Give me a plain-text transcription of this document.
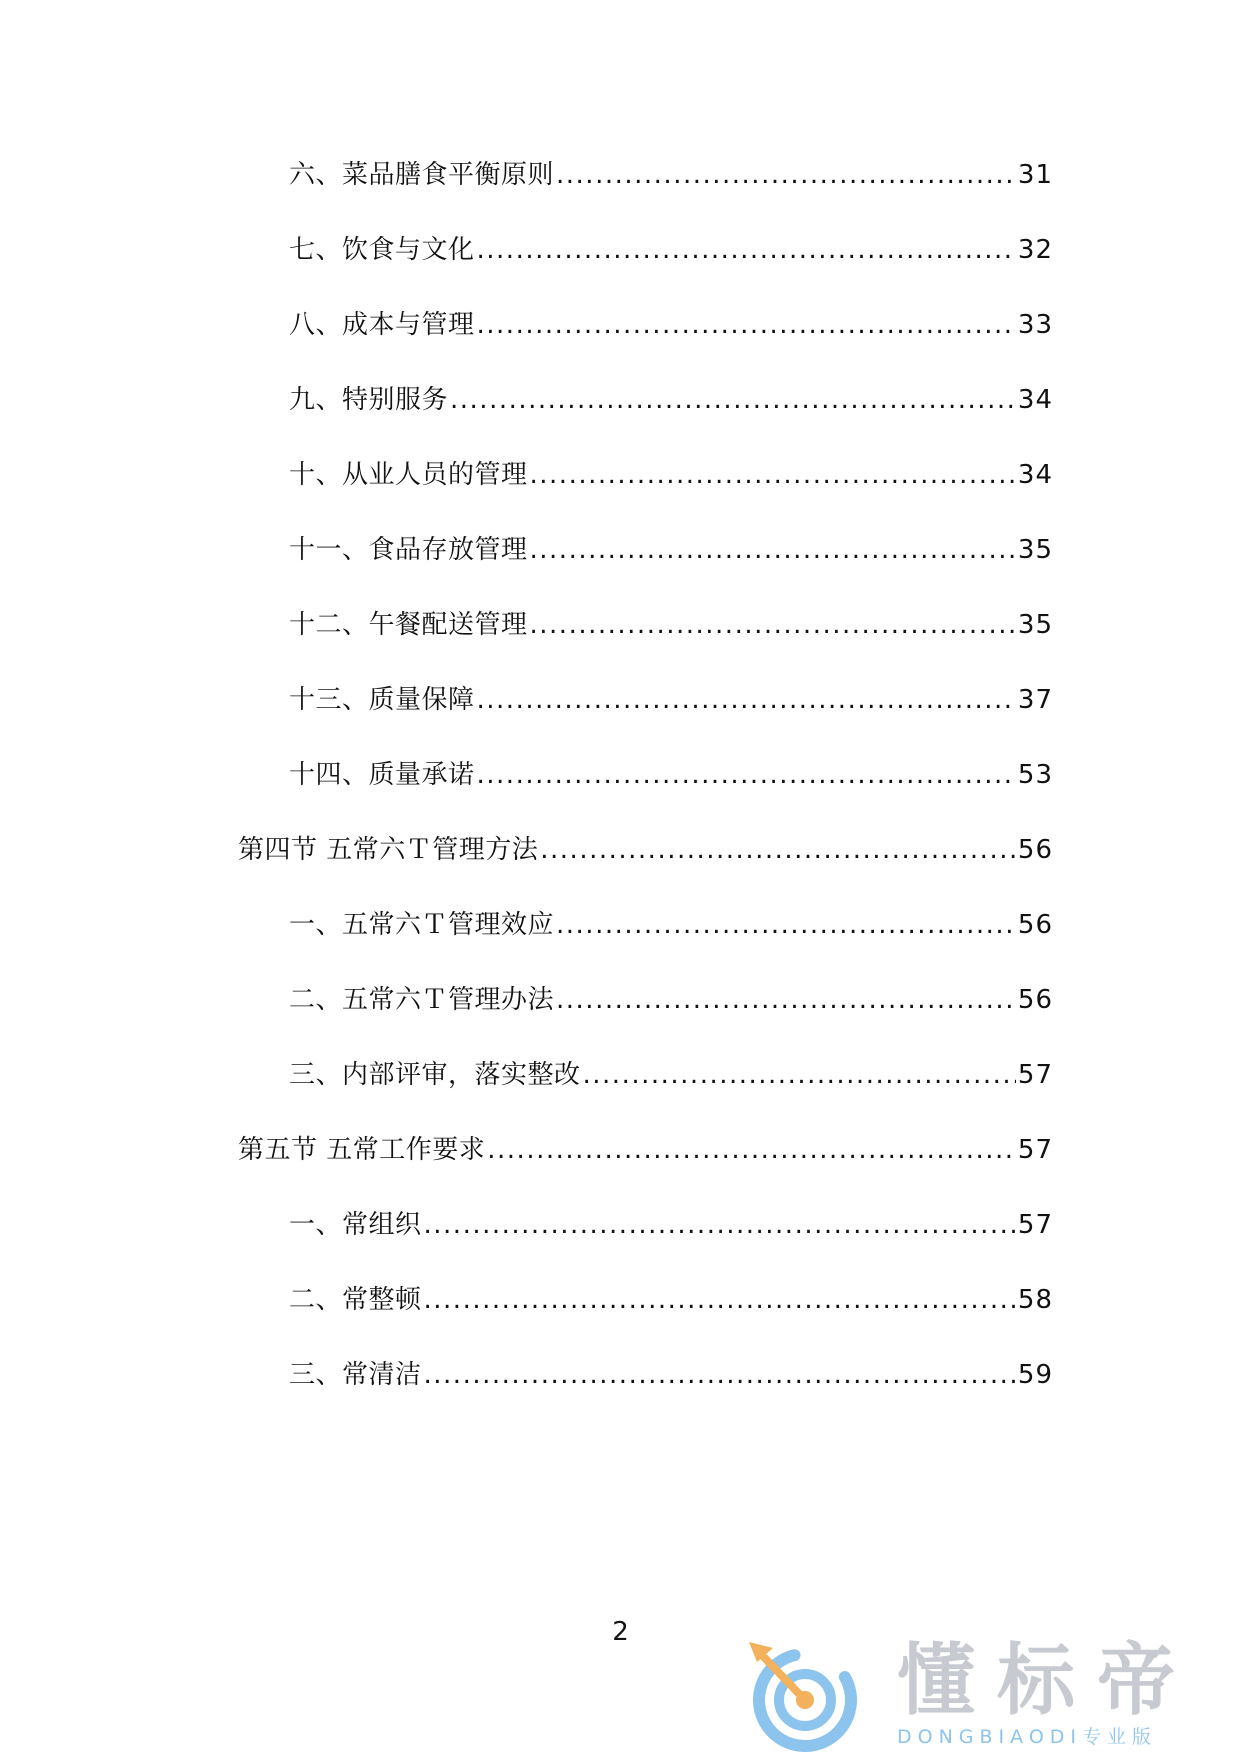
六、菜品膳食平衡原则 .....	31
七、饮食与文化 .....	32
八、成本与管理 .....	33
九、特别服务 .....	34
十、从业人员的管理 .....	34
十一、食品存放管理 .....	35
十二、午餐配送管理 .....	35
十三、质量保障 .....	37
十四、质量承诺 .....	53
第四节 五常六Ｔ管理方法 .....	56
一、五常六Ｔ管理效应 .....	56
二、五常六Ｔ管理办法 .....	56
三、内部评审，落实整改 .....	57
第五节 五常工作要求 .....	57
一、常组织 .....	57
二、常整顿 .....	58
三、常清洁 .....	59
2
懂标帝
DONGBIAODI专业版
